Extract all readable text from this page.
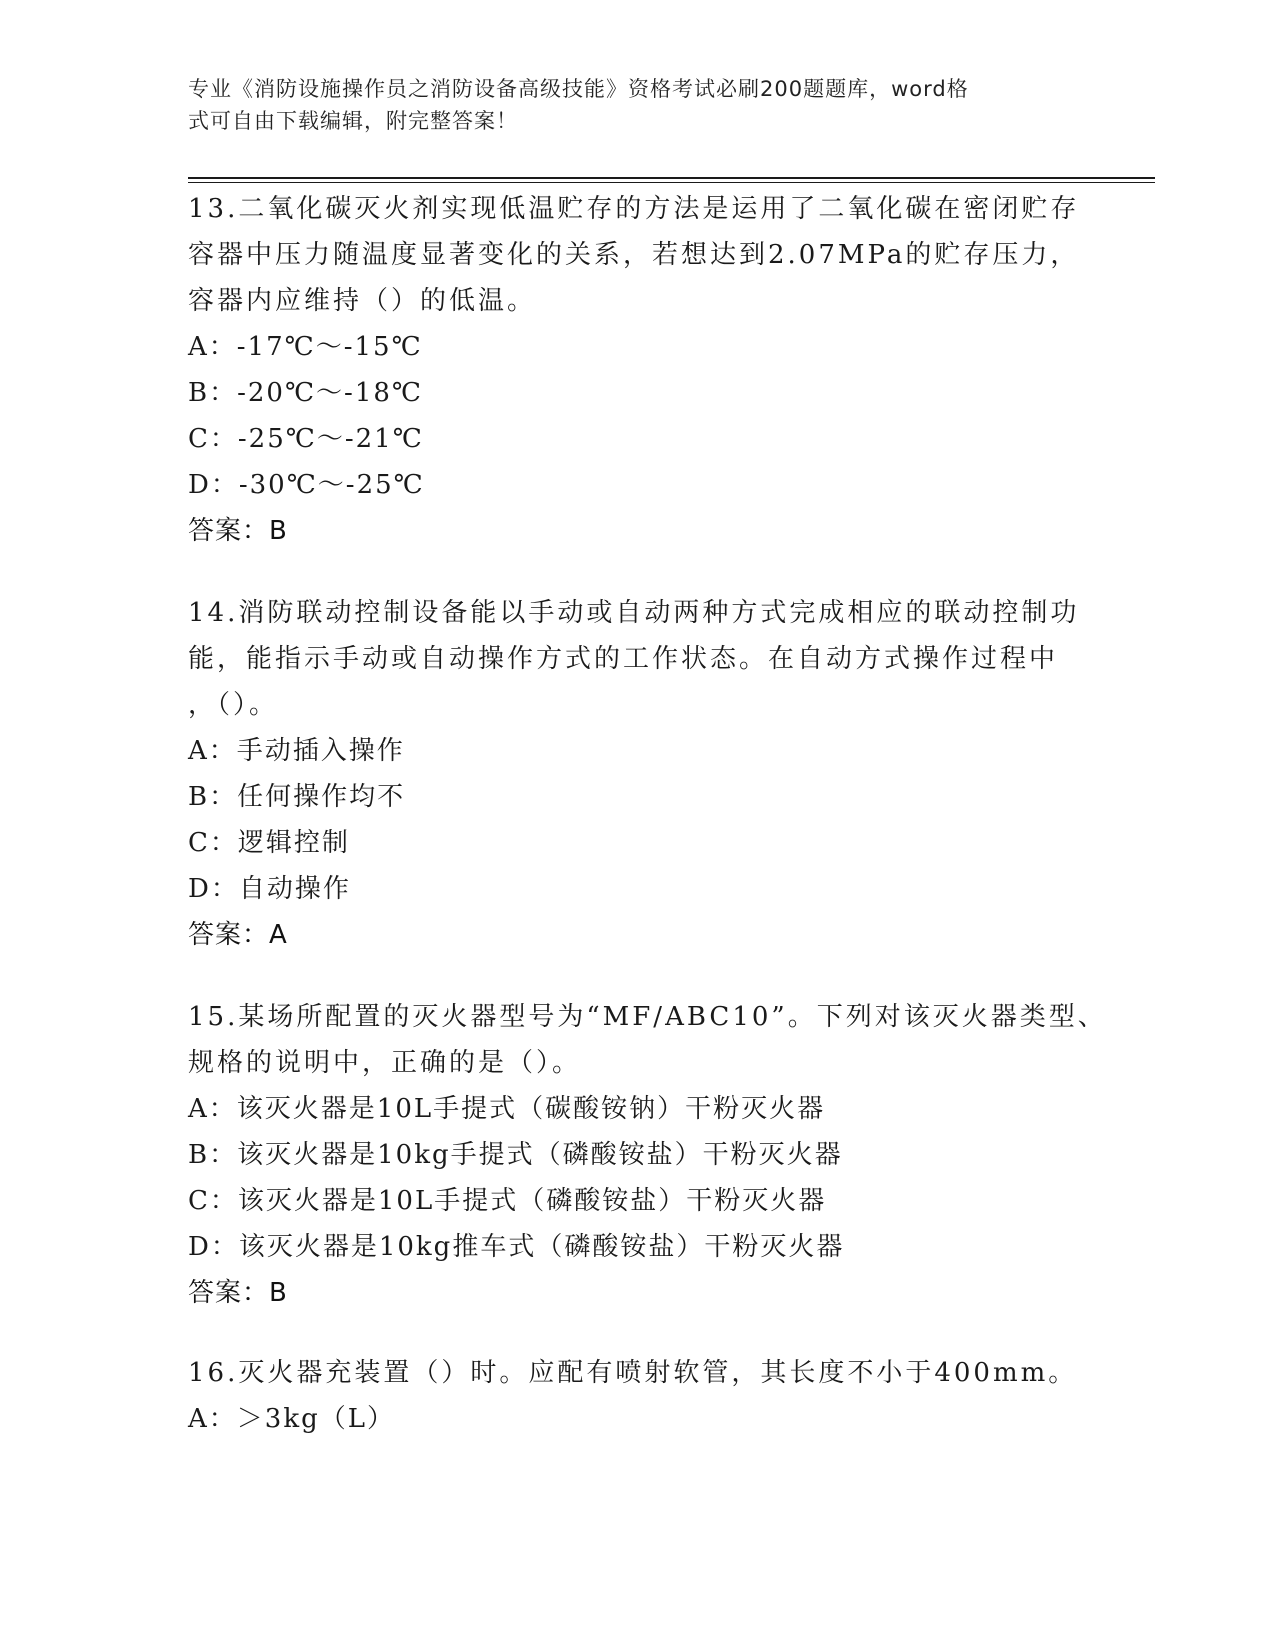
专业《消防设施操作员之消防设备高级技能》资格考试必刷200题题库，word格
式可自由下载编辑，附完整答案！
13.二氧化碳灭火剂实现低温贮存的方法是运用了二氧化碳在密闭贮存
容器中压力随温度显著变化的关系，若想达到2.07MPa的贮存压力，
容器内应维持（）的低温。
A：-17℃～-15℃
B：-20℃～-18℃
C：-25℃～-21℃
D：-30℃～-25℃
答案：B
14.消防联动控制设备能以手动或自动两种方式完成相应的联动控制功
能，能指示手动或自动操作方式的工作状态。在自动方式操作过程中
，（）。
A：手动插入操作
B：任何操作均不
C：逻辑控制
D：自动操作
答案：A
15.某场所配置的灭火器型号为“MF/ABC10”。下列对该灭火器类型、
规格的说明中，正确的是（）。
A：该灭火器是10L手提式（碳酸铵钠）干粉灭火器
B：该灭火器是10kg手提式（磷酸铵盐）干粉灭火器
C：该灭火器是10L手提式（磷酸铵盐）干粉灭火器
D：该灭火器是10kg推车式（磷酸铵盐）干粉灭火器
答案：B
16.灭火器充装置（）时。应配有喷射软管，其长度不小于400mm。
A：＞3kg（L）
